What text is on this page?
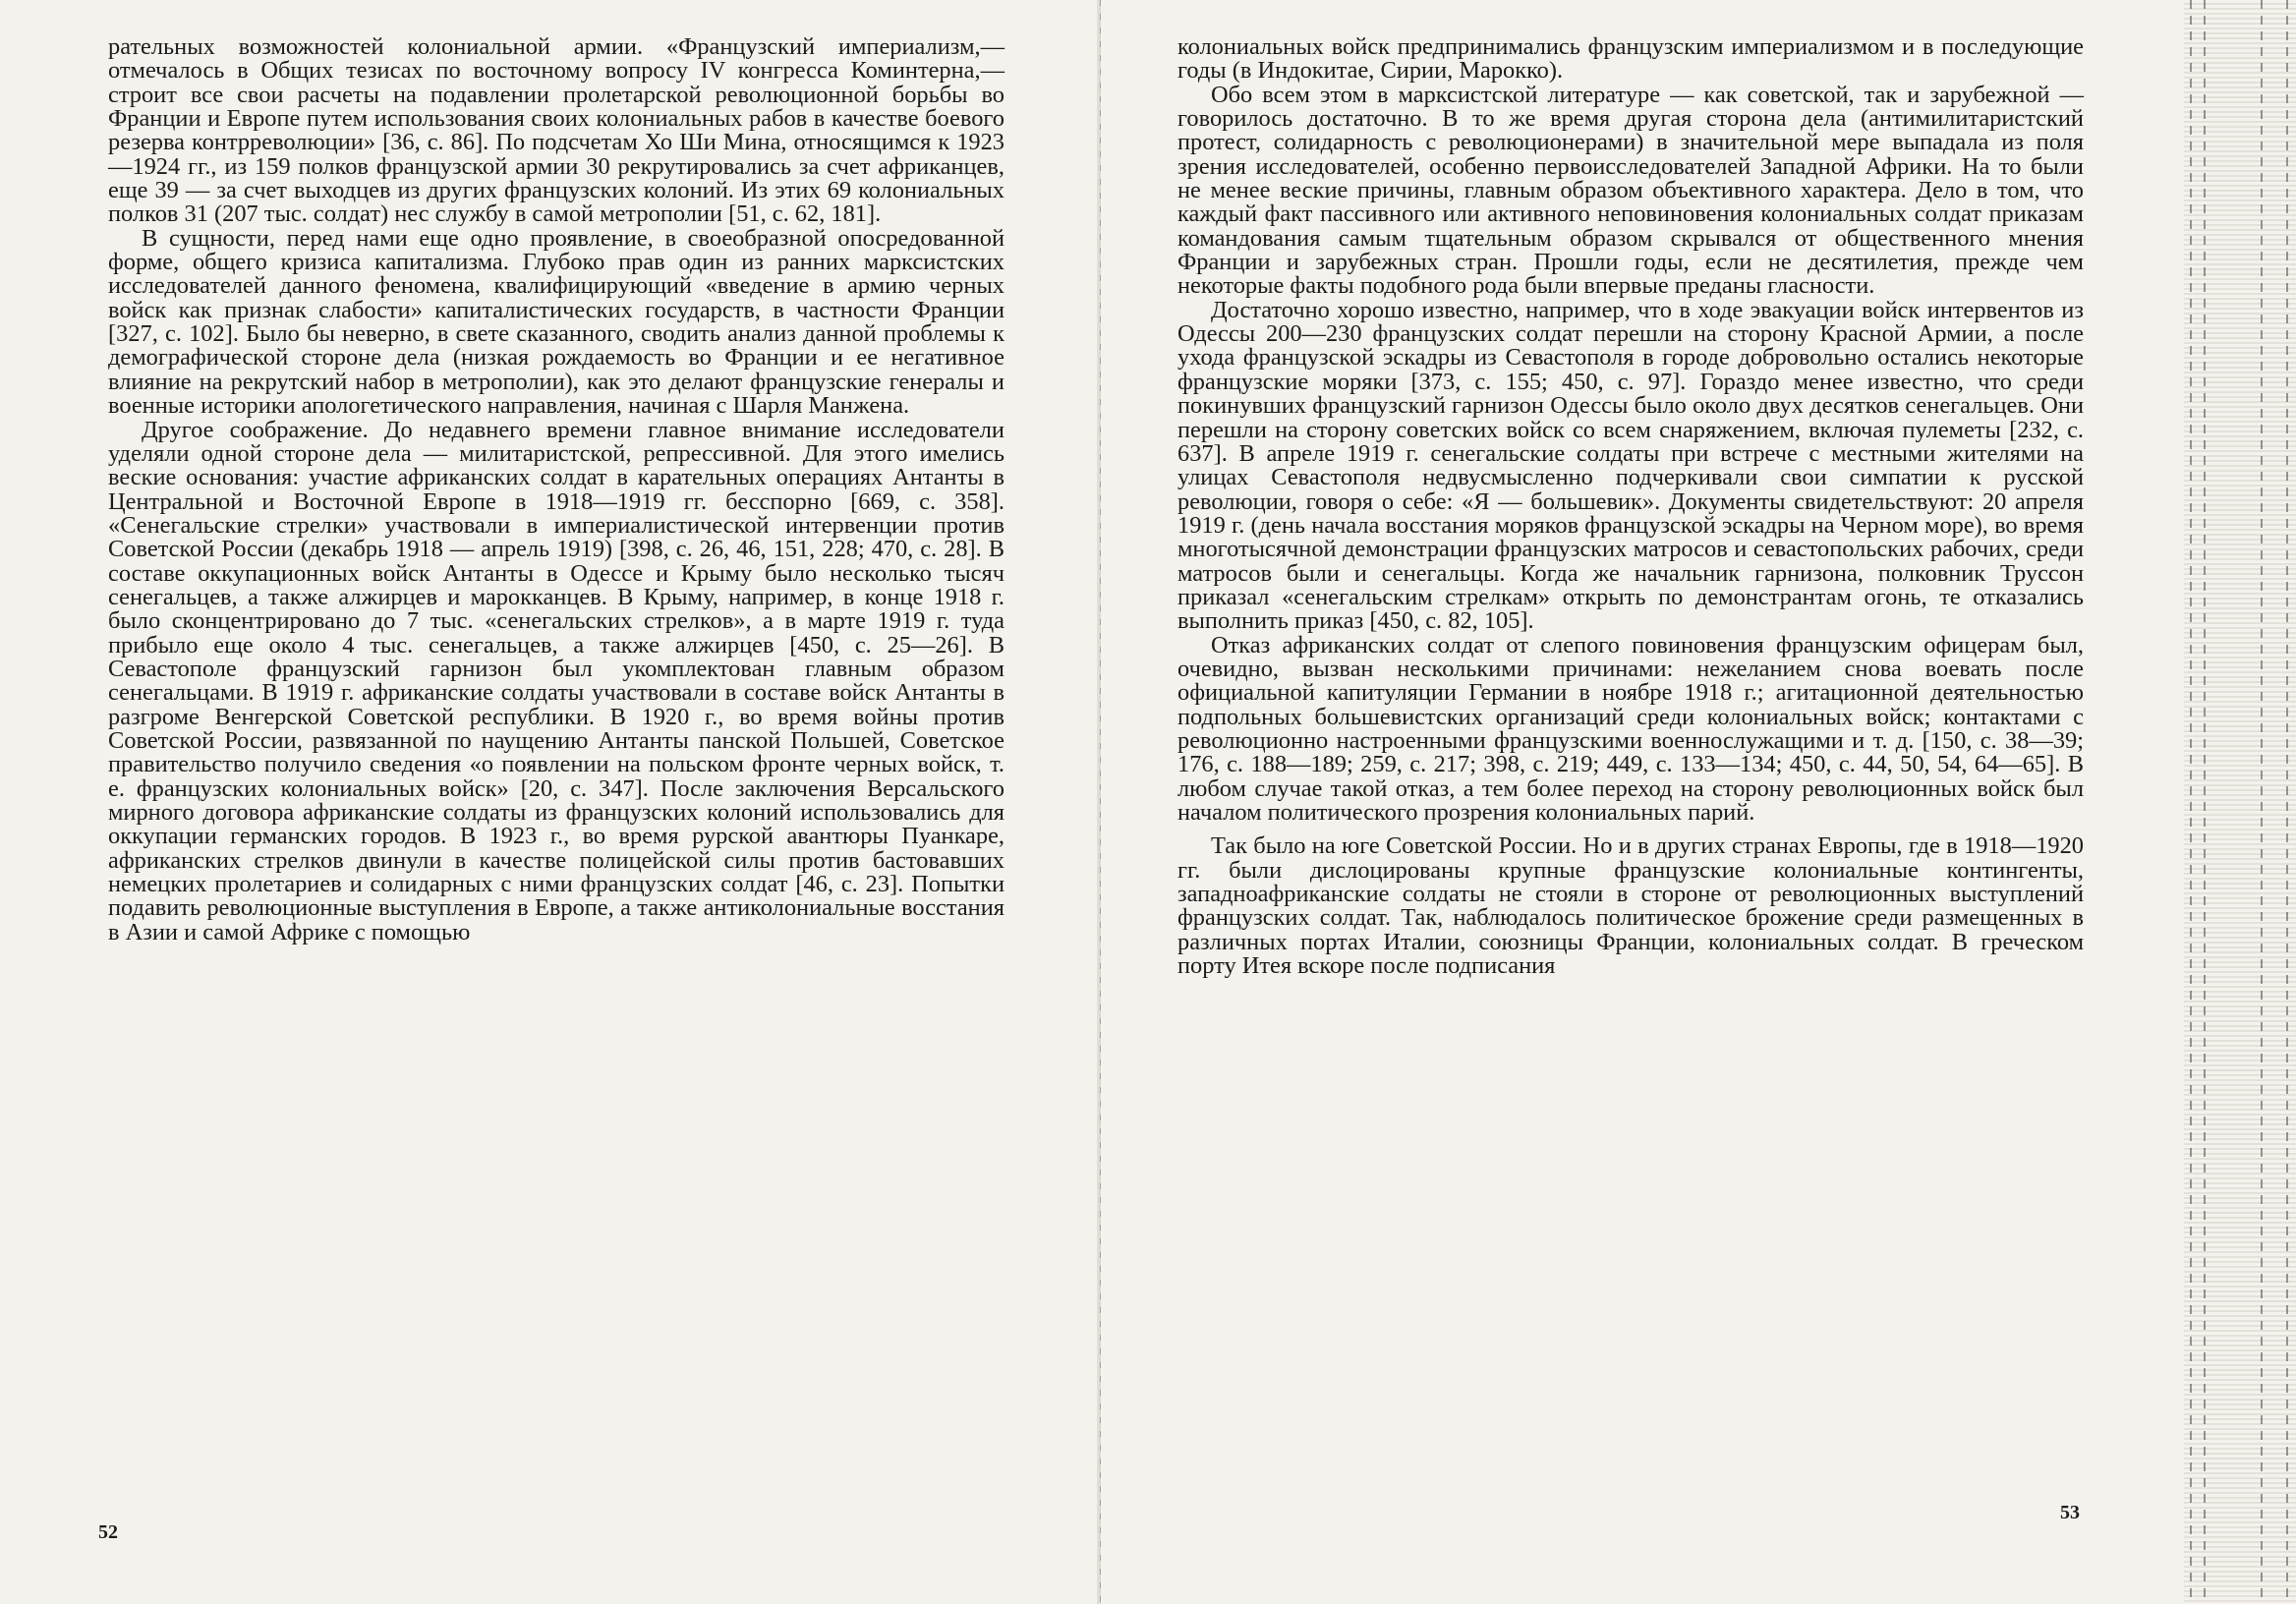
рательных возможностей колониальной армии. «Французский империализм,— отмечалось в Общих тезисах по восточному вопросу IV конгресса Коминтерна,— строит все свои расчеты на подавлении пролетарской революционной борьбы во Франции и Европе путем использования своих колониальных рабов в качестве боевого резерва контрреволюции» [36, с. 86]. По подсчетам Хо Ши Мина, относящимся к 1923—1924 гг., из 159 полков французской армии 30 рекрутировались за счет африканцев, еще 39 — за счет выходцев из других французских колоний. Из этих 69 колониальных полков 31 (207 тыс. солдат) нес службу в самой метрополии [51, с. 62, 181].

В сущности, перед нами еще одно проявление, в своеобразной опосредованной форме, общего кризиса капитализма. Глубоко прав один из ранних марксистских исследователей данного феномена, квалифицирующий «введение в армию черных войск как признак слабости» капиталистических государств, в частности Франции [327, с. 102]. Было бы неверно, в свете сказанного, сводить анализ данной проблемы к демографической стороне дела (низкая рождаемость во Франции и ее негативное влияние на рекрутский набор в метрополии), как это делают французские генералы и военные историки апологетического направления, начиная с Шарля Манжена.

Другое соображение. До недавнего времени главное внимание исследователи уделяли одной стороне дела — милитаристской, репрессивной. Для этого имелись веские основания: участие африканских солдат в карательных операциях Антанты в Центральной и Восточной Европе в 1918—1919 гг. бесспорно [669, с. 358]. «Сенегальские стрелки» участвовали в империалистической интервенции против Советской России (декабрь 1918 — апрель 1919) [398, с. 26, 46, 151, 228; 470, с. 28]. В составе оккупационных войск Антанты в Одессе и Крыму было несколько тысяч сенегальцев, а также алжирцев и марокканцев. В Крыму, например, в конце 1918 г. было сконцентрировано до 7 тыс. «сенегальских стрелков», а в марте 1919 г. туда прибыло еще около 4 тыс. сенегальцев, а также алжирцев [450, с. 25—26]. В Севастополе французский гарнизон был укомплектован главным образом сенегальцами. В 1919 г. африканские солдаты участвовали в составе войск Антанты в разгроме Венгерской Советской республики. В 1920 г., во время войны против Советской России, развязанной по наущению Антанты панской Польшей, Советское правительство получило сведения «о появлении на польском фронте черных войск, т. е. французских колониальных войск» [20, с. 347]. После заключения Версальского мирного договора африканские солдаты из французских колоний использовались для оккупации германских городов. В 1923 г., во время рурской авантюры Пуанкаре, африканских стрелков двинули в качестве полицейской силы против бастовавших немецких пролетариев и солидарных с ними французских солдат [46, с. 23]. Попытки подавить революционные выступления в Европе, а также антиколониальные восстания в Азии и самой Африке с помощью

52

колониальных войск предпринимались французским империализмом и в последующие годы (в Индокитае, Сирии, Марокко).

Обо всем этом в марксистской литературе — как советской, так и зарубежной — говорилось достаточно. В то же время другая сторона дела (антимилитаристский протест, солидарность с революционерами) в значительной мере выпадала из поля зрения исследователей, особенно первоисследователей Западной Африки. На то были не менее веские причины, главным образом объективного характера. Дело в том, что каждый факт пассивного или активного неповиновения колониальных солдат приказам командования самым тщательным образом скрывался от общественного мнения Франции и зарубежных стран. Прошли годы, если не десятилетия, прежде чем некоторые факты подобного рода были впервые преданы гласности.

Достаточно хорошо известно, например, что в ходе эвакуации войск интервентов из Одессы 200—230 французских солдат перешли на сторону Красной Армии, а после ухода французской эскадры из Севастополя в городе добровольно остались некоторые французские моряки [373, с. 155; 450, с. 97]. Гораздо менее известно, что среди покинувших французский гарнизон Одессы было около двух десятков сенегальцев. Они перешли на сторону советских войск со всем снаряжением, включая пулеметы [232, с. 637]. В апреле 1919 г. сенегальские солдаты при встрече с местными жителями на улицах Севастополя недвусмысленно подчеркивали свои симпатии к русской революции, говоря о себе: «Я — большевик». Документы свидетельствуют: 20 апреля 1919 г. (день начала восстания моряков французской эскадры на Черном море), во время многотысячной демонстрации французских матросов и севастопольских рабочих, среди матросов были и сенегальцы. Когда же начальник гарнизона, полковник Труссон приказал «сенегальским стрелкам» открыть по демонстрантам огонь, те отказались выполнить приказ [450, с. 82, 105].

Отказ африканских солдат от слепого повиновения французским офицерам был, очевидно, вызван несколькими причинами: нежеланием снова воевать после официальной капитуляции Германии в ноябре 1918 г.; агитационной деятельностью подпольных большевистских организаций среди колониальных войск; контактами с революционно настроенными французскими военнослужащими и т. д. [150, с. 38—39; 176, с. 188—189; 259, с. 217; 398, с. 219; 449, с. 133—134; 450, с. 44, 50, 54, 64—65]. В любом случае такой отказ, а тем более переход на сторону революционных войск был началом политического прозрения колониальных парий.

Так было на юге Советской России. Но и в других странах Европы, где в 1918—1920 гг. были дислоцированы крупные французские колониальные контингенты, западноафриканские солдаты не стояли в стороне от революционных выступлений французских солдат. Так, наблюдалось политическое брожение среди размещенных в различных портах Италии, союзницы Франции, колониальных солдат. В греческом порту Итея вскоре после подписания

53
